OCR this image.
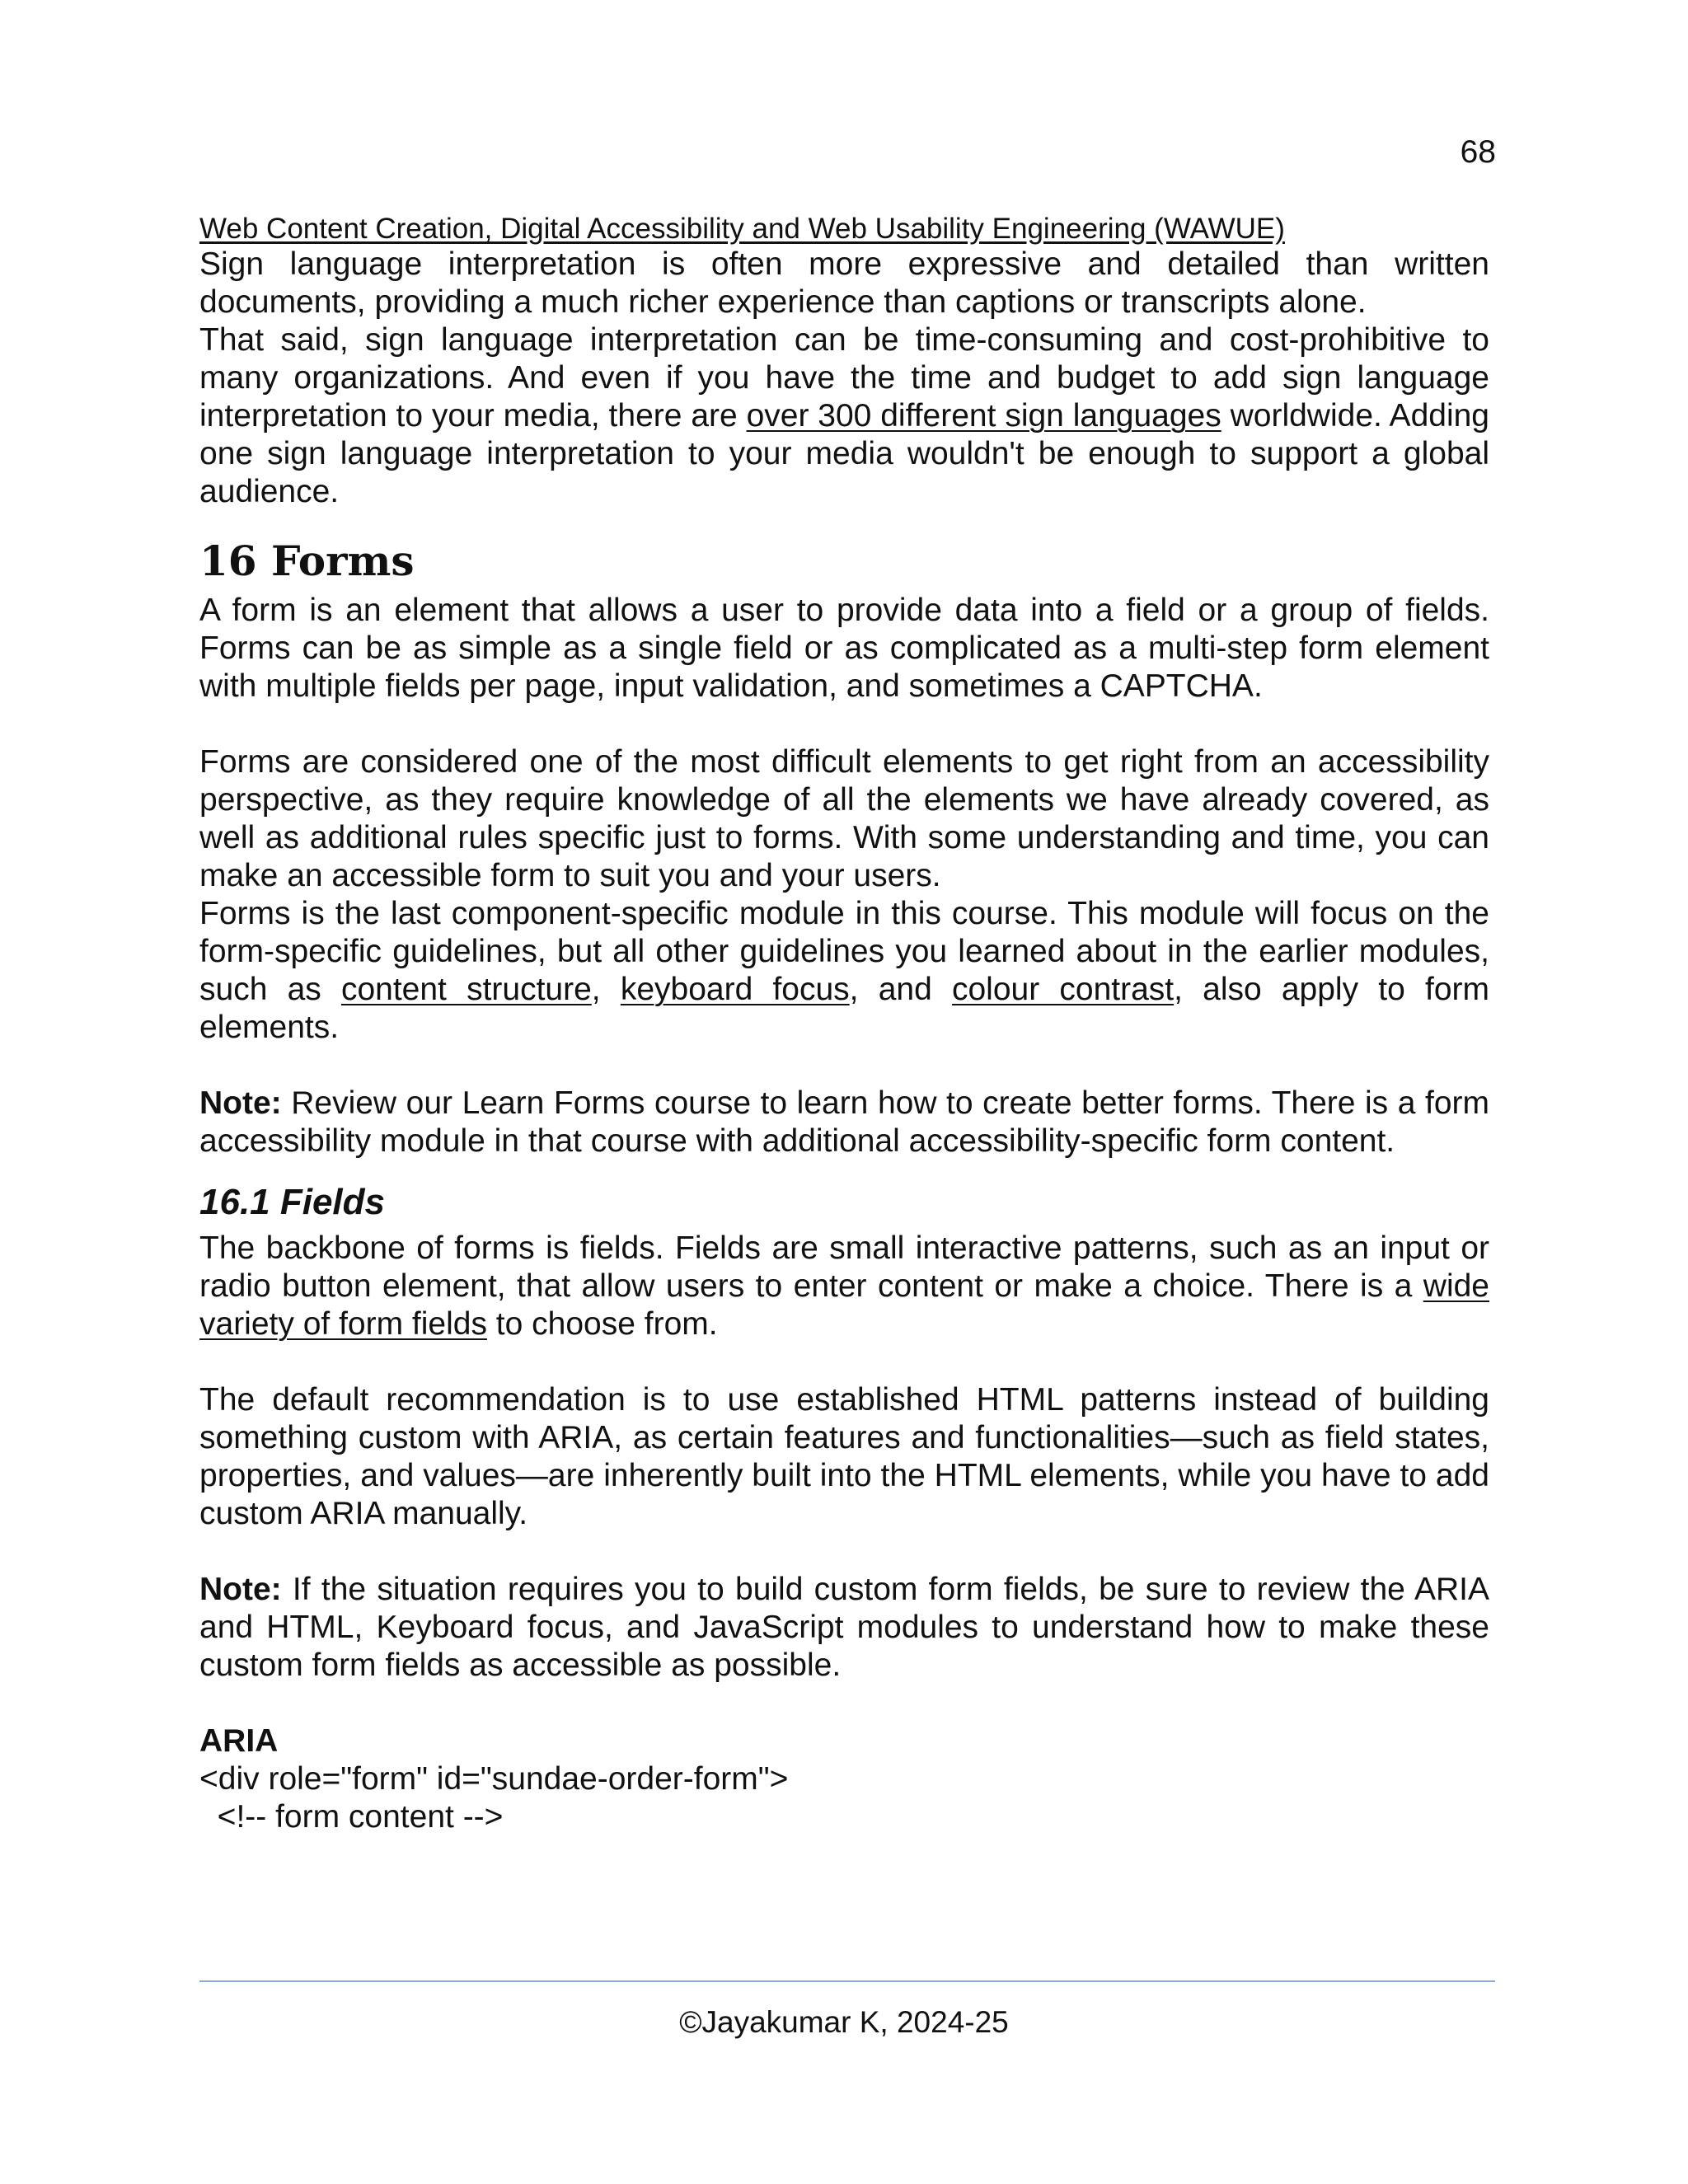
68
Web Content Creation, Digital Accessibility and Web Usability Engineering (WAWUE)

Sign language interpretation is often more expressive and detailed than written documents, providing a much richer experience than captions or transcripts alone.

That said, sign language interpretation can be time-consuming and cost-prohibitive to many organizations. And even if you have the time and budget to add sign language interpretation to your media, there are over 300 different sign languages worldwide. Adding one sign language interpretation to your media wouldn't be enough to support a global audience.

16 Forms

A form is an element that allows a user to provide data into a field or a group of fields. Forms can be as simple as a single field or as complicated as a multi-step form element with multiple fields per page, input validation, and sometimes a CAPTCHA.

Forms are considered one of the most difficult elements to get right from an accessibility perspective, as they require knowledge of all the elements we have already covered, as well as additional rules specific just to forms. With some understanding and time, you can make an accessible form to suit you and your users.

Forms is the last component-specific module in this course. This module will focus on the form-specific guidelines, but all other guidelines you learned about in the earlier modules, such as content structure, keyboard focus, and colour contrast, also apply to form elements.

Note: Review our Learn Forms course to learn how to create better forms. There is a form accessibility module in that course with additional accessibility-specific form content.

16.1 Fields

The backbone of forms is fields. Fields are small interactive patterns, such as an input or radio button element, that allow users to enter content or make a choice. There is a wide variety of form fields to choose from.

The default recommendation is to use established HTML patterns instead of building something custom with ARIA, as certain features and functionalities—such as field states, properties, and values—are inherently built into the HTML elements, while you have to add custom ARIA manually.

Note: If the situation requires you to build custom form fields, be sure to review the ARIA and HTML, Keyboard focus, and JavaScript modules to understand how to make these custom form fields as accessible as possible.

ARIA
<div role="form" id="sundae-order-form">
<!-- form content -->
©Jayakumar K, 2024-25
